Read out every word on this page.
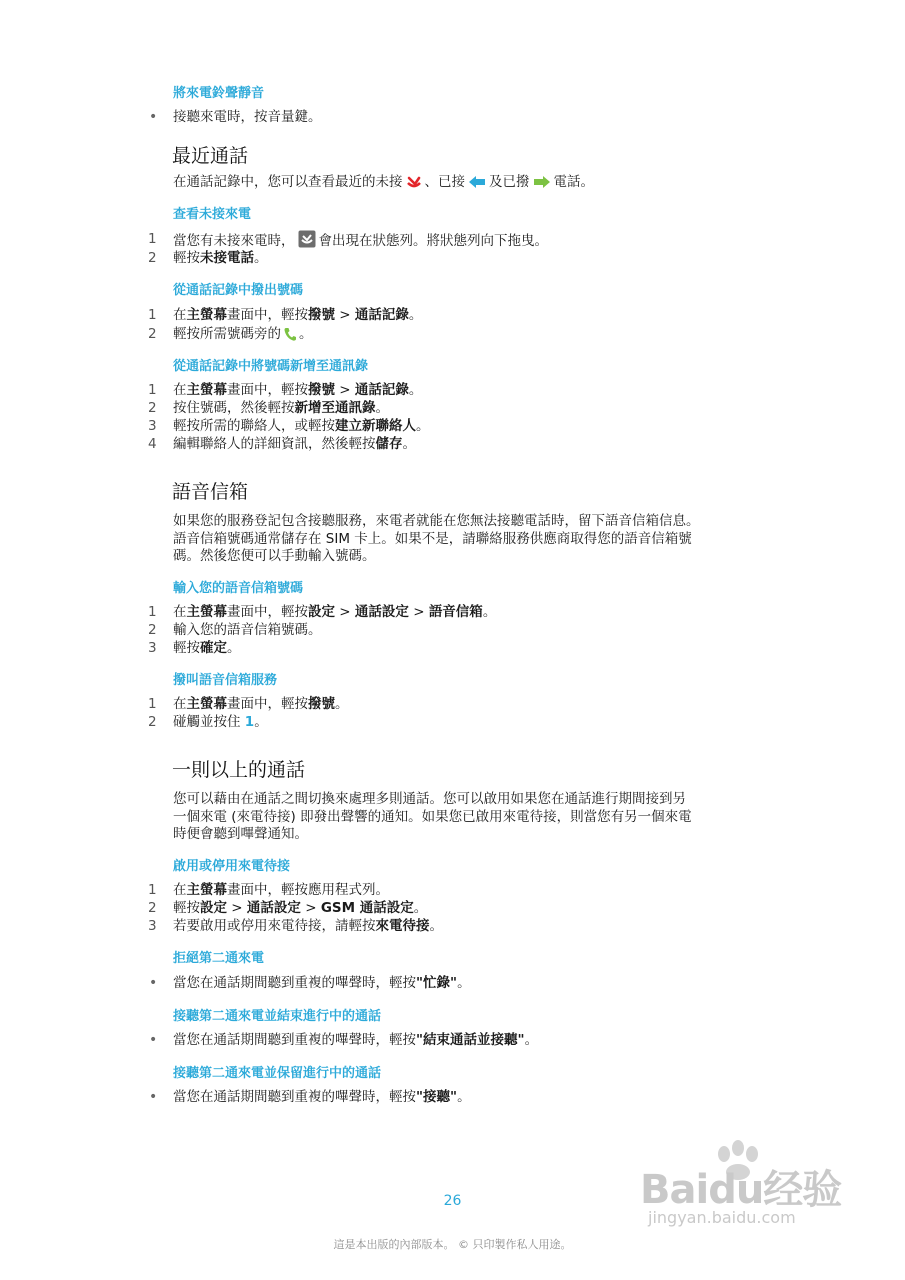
將來電鈴聲靜音
• 接聽來電時，按音量鍵。
最近通話
在通話記錄中，您可以查看最近的未接 、已接 及已撥 電話。
查看未接來電
1 當您有未接來電時， 會出現在狀態列。將狀態列向下拖曳。
2 輕按未接電話。
從通話記錄中撥出號碼
1 在主螢幕畫面中，輕按撥號 > 通話記錄。
2 輕按所需號碼旁的 。
從通話記錄中將號碼新增至通訊錄
1 在主螢幕畫面中，輕按撥號 > 通話記錄。
2 按住號碼，然後輕按新增至通訊錄。
3 輕按所需的聯絡人，或輕按建立新聯絡人。
4 編輯聯絡人的詳細資訊，然後輕按儲存。
語音信箱
如果您的服務登記包含接聽服務，來電者就能在您無法接聽電話時，留下語音信箱信息。
語音信箱號碼通常儲存在 SIM 卡上。如果不是，請聯絡服務供應商取得您的語音信箱號
碼。然後您便可以手動輸入號碼。
輸入您的語音信箱號碼
1 在主螢幕畫面中，輕按設定 > 通話設定 > 語音信箱。
2 輸入您的語音信箱號碼。
3 輕按確定。
撥叫語音信箱服務
1 在主螢幕畫面中，輕按撥號。
2 碰觸並按住 1。
一則以上的通話
您可以藉由在通話之間切換來處理多則通話。您可以啟用如果您在通話進行期間接到另
一個來電 (來電待接) 即發出聲響的通知。如果您已啟用來電待接，則當您有另一個來電
時便會聽到嗶聲通知。
啟用或停用來電待接
1 在主螢幕畫面中，輕按應用程式列。
2 輕按設定 > 通話設定 > GSM 通話設定。
3 若要啟用或停用來電待接，請輕按來電待接。
拒絕第二通來電
• 當您在通話期間聽到重複的嗶聲時，輕按"忙錄"。
接聽第二通來電並結束進行中的通話
• 當您在通話期間聽到重複的嗶聲時，輕按"結束通話並接聽"。
接聽第二通來電並保留進行中的通話
• 當您在通話期間聽到重複的嗶聲時，輕按"接聽"。
26
這是本出版的內部版本。 © 只印製作私人用途。
Baidu经验
jingyan.baidu.com
